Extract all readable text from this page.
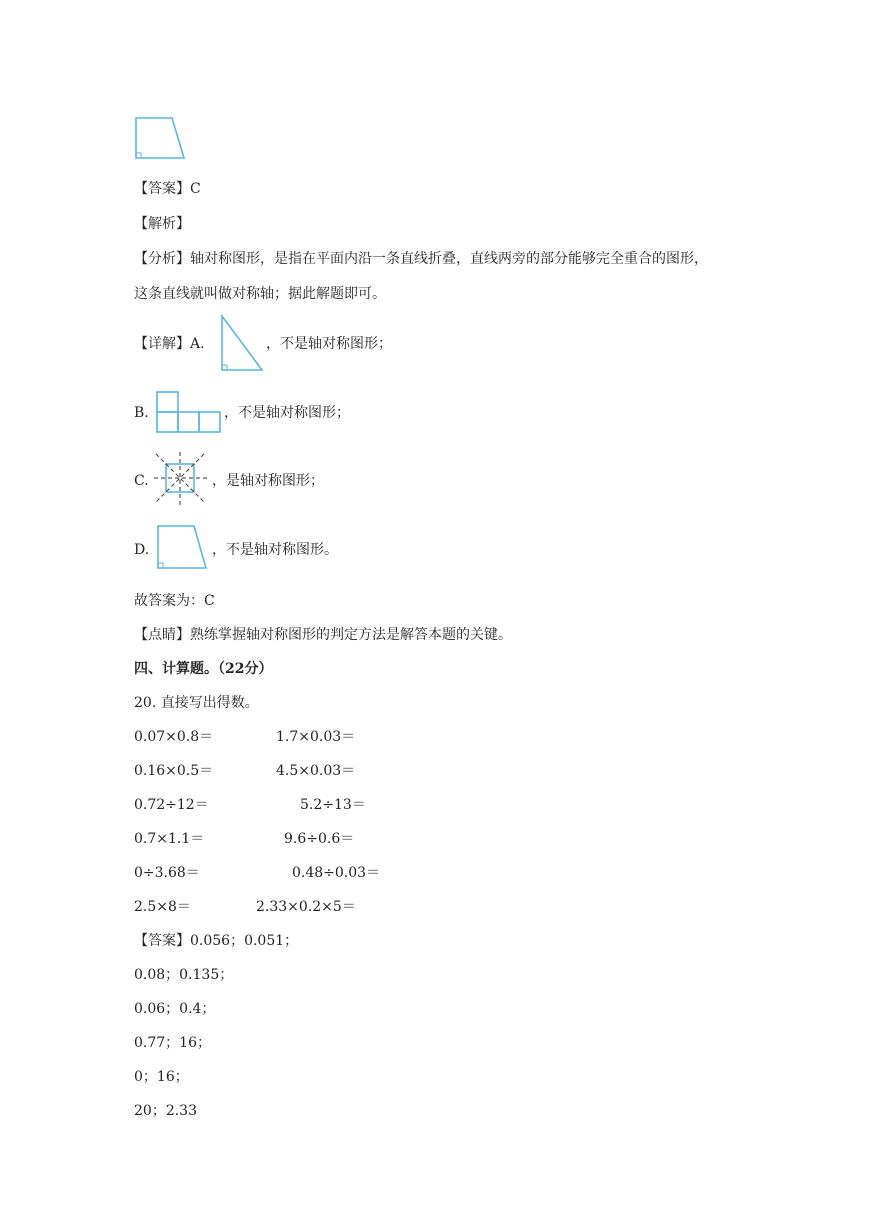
【答案】C
【解析】
【分析】轴对称图形，是指在平面内沿一条直线折叠，直线两旁的部分能够完全重合的图形，
这条直线就叫做对称轴；据此解题即可。
【详解】A.	，不是轴对称图形；
B.	，不是轴对称图形；
C.	，是轴对称图形；
D.	，不是轴对称图形。
故答案为：C
【点睛】熟练掌握轴对称图形的判定方法是解答本题的关键。
四、计算题。（22分）
20. 直接写出得数。
0.07×0.8＝	1.7×0.03＝
0.16×0.5＝	4.5×0.03＝
0.72÷12＝	5.2÷13＝
0.7×1.1＝	9.6÷0.6＝
0÷3.68＝	0.48÷0.03＝
2.5×8＝	2.33×0.2×5＝
【答案】0.056；0.051；
0.08；0.135；
0.06；0.4；
0.77；16；
0；16；
20；2.33
